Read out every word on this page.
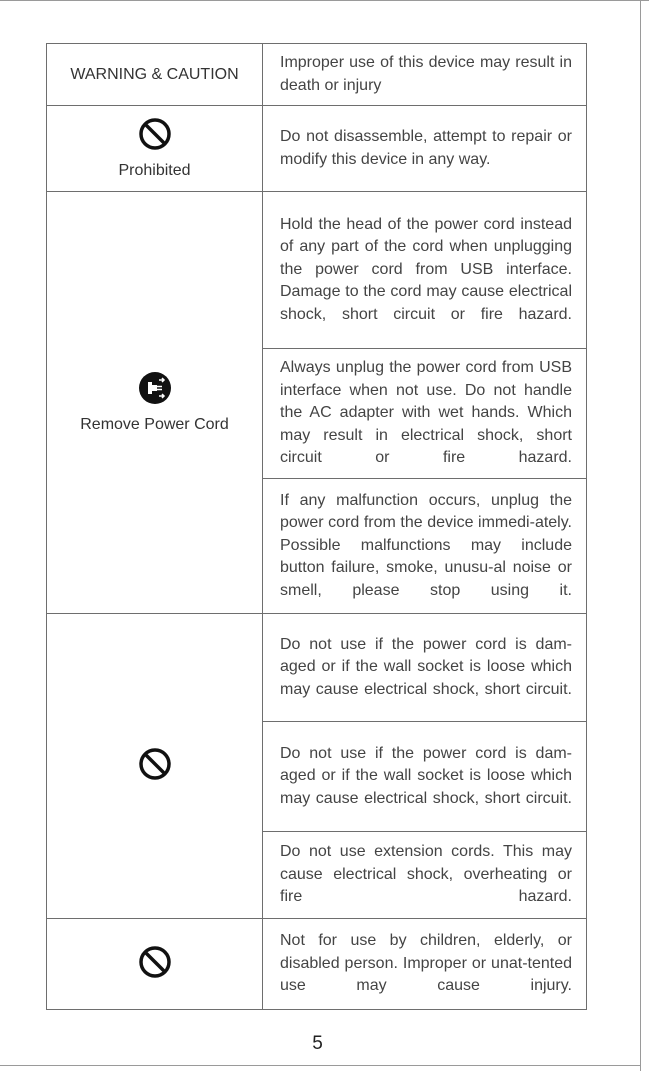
WARNING & CAUTION	Improper use of this device may result in death or injury

Prohibited	Do not disassemble, attempt to repair or modify this device in any way.

Remove Power Cord	Hold the head of the power cord instead of any part of the cord when unplugging the power cord from USB interface. Damage to the cord may cause electrical shock, short circuit or fire hazard.
	Always unplug the power cord from USB interface when not use. Do not handle the AC adapter with wet hands. Which may result in electrical shock, short circuit or fire hazard.
	If any malfunction occurs, unplug the power cord from the device immedi-ately. Possible malfunctions may include button failure, smoke, unusu-al noise or smell, please stop using it.

	Do not use if the power cord is dam-aged or if the wall socket is loose which may cause electrical shock, short circuit.
	Do not use if the power cord is dam-aged or if the wall socket is loose which may cause electrical shock, short circuit.
	Do not use extension cords. This may cause electrical shock, overheating or fire hazard.

	Not for use by children, elderly, or disabled person. Improper or unat-tented use may cause injury.
5
